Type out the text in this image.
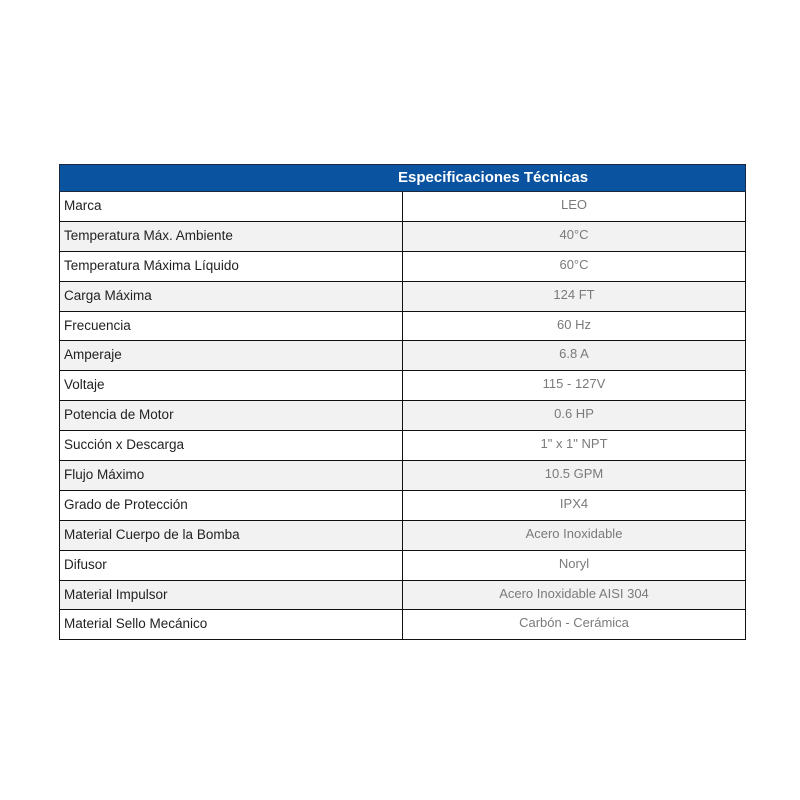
Especificaciones Técnicas	

Marca	LEO
Temperatura Máx. Ambiente	40°C
Temperatura Máxima Líquido	60°C
Carga Máxima	124 FT
Frecuencia	60 Hz
Amperaje	6.8 A
Voltaje	115 - 127V
Potencia de Motor	0.6 HP
Succión x Descarga	1" x 1" NPT
Flujo Máximo	10.5 GPM
Grado de Protección	IPX4
Material Cuerpo de la Bomba	Acero Inoxidable
Difusor	Noryl
Material Impulsor	Acero Inoxidable AISI 304
Material Sello Mecánico	Carbón - Cerámica
